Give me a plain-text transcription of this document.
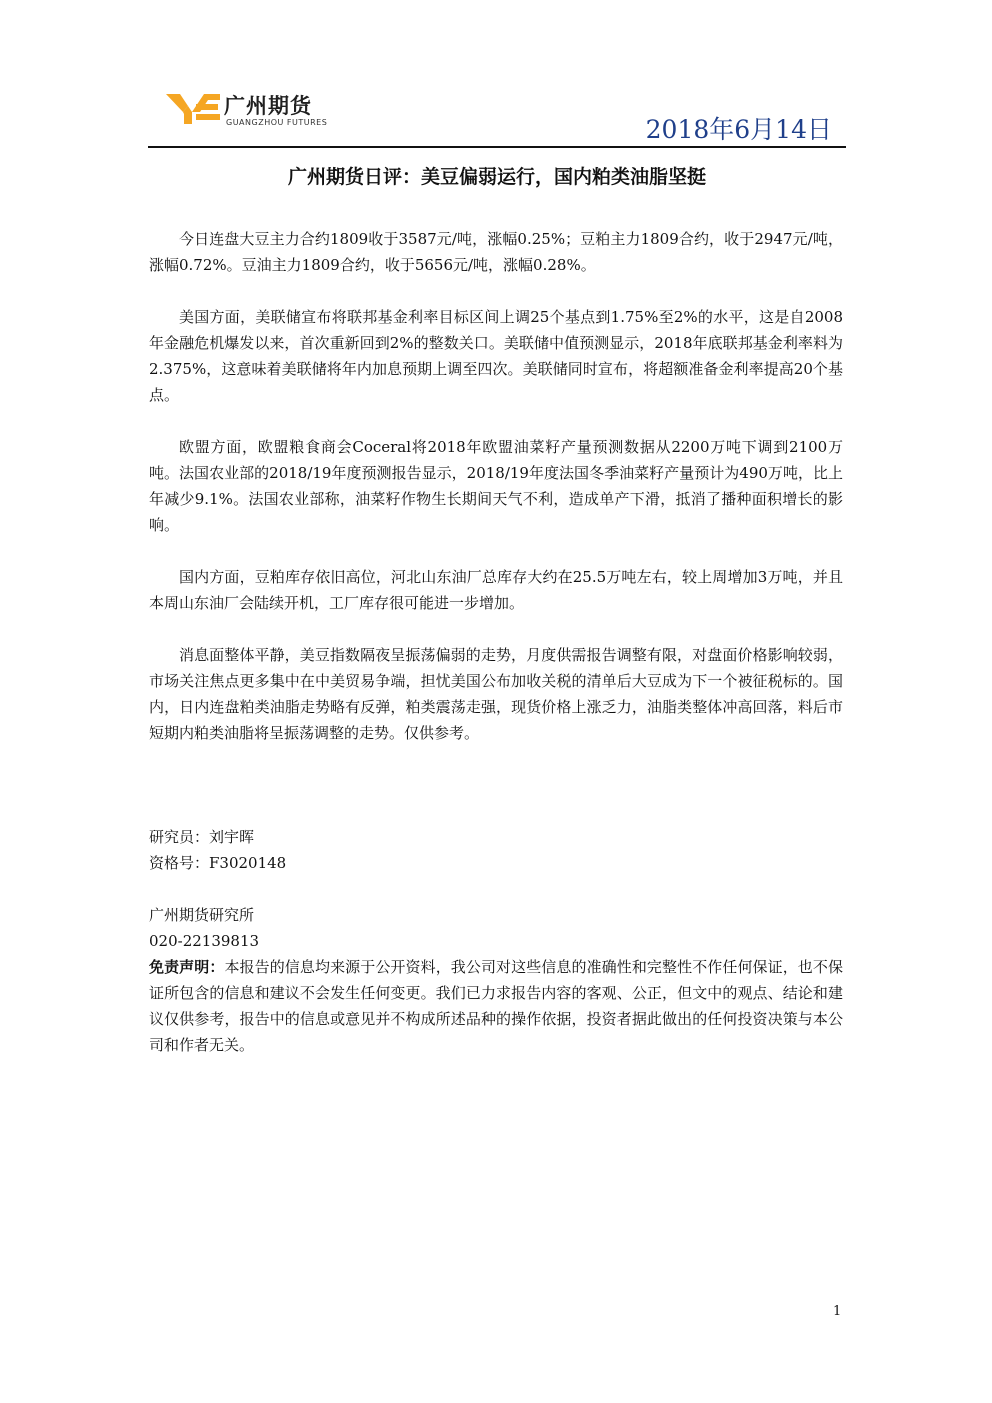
广州期货
GUANGZHOU FUTURES	2018年6月14日
广州期货日评：美豆偏弱运行，国内粕类油脂坚挺

今日连盘大豆主力合约1809收于3587元/吨，涨幅0.25%；豆粕主力1809合约，收于2947元/吨，涨幅0.72%。豆油主力1809合约，收于5656元/吨，涨幅0.28%。

美国方面，美联储宣布将联邦基金利率目标区间上调25个基点到1.75%至2%的水平，这是自2008年金融危机爆发以来，首次重新回到2%的整数关口。美联储中值预测显示，2018年底联邦基金利率料为2.375%，这意味着美联储将年内加息预期上调至四次。美联储同时宣布，将超额准备金利率提高20个基点。

欧盟方面，欧盟粮食商会Coceral将2018年欧盟油菜籽产量预测数据从2200万吨下调到2100万吨。法国农业部的2018/19年度预测报告显示，2018/19年度法国冬季油菜籽产量预计为490万吨，比上年减少9.1%。法国农业部称，油菜籽作物生长期间天气不利，造成单产下滑，抵消了播种面积增长的影响。

国内方面，豆粕库存依旧高位，河北山东油厂总库存大约在25.5万吨左右，较上周增加3万吨，并且本周山东油厂会陆续开机，工厂库存很可能进一步增加。

消息面整体平静，美豆指数隔夜呈振荡偏弱的走势，月度供需报告调整有限，对盘面价格影响较弱，市场关注焦点更多集中在中美贸易争端，担忧美国公布加收关税的清单后大豆成为下一个被征税标的。国内，日内连盘粕类油脂走势略有反弹，粕类震荡走强，现货价格上涨乏力，油脂类整体冲高回落，料后市短期内粕类油脂将呈振荡调整的走势。仅供参考。

研究员：刘宇晖
资格号：F3020148
广州期货研究所
020-22139813
免责声明：本报告的信息均来源于公开资料，我公司对这些信息的准确性和完整性不作任何保证，也不保证所包含的信息和建议不会发生任何变更。我们已力求报告内容的客观、公正，但文中的观点、结论和建议仅供参考，报告中的信息或意见并不构成所述品种的操作依据，投资者据此做出的任何投资决策与本公司和作者无关。
1
